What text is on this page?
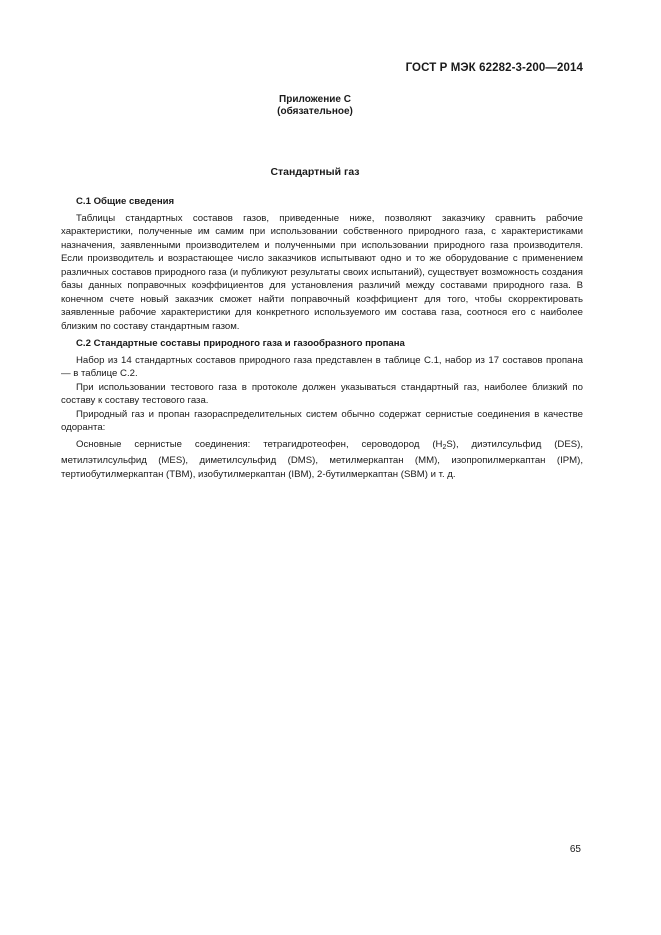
ГОСТ Р МЭК 62282-3-200—2014
Приложение С
(обязательное)
Стандартный газ
С.1 Общие сведения

Таблицы стандартных составов газов, приведенные ниже, позволяют заказчику сравнить рабочие характеристики, полученные им самим при использовании собственного природного газа, с характеристиками назначения, заявленными производителем и полученными при использовании природного газа производителя. Если производитель и возрастающее число заказчиков испытывают одно и то же оборудование с применением различных составов природного газа (и публикуют результаты своих испытаний), существует возможность создания базы данных поправочных коэффициентов для установления различий между составами природного газа. В конечном счете новый заказчик сможет найти поправочный коэффициент для того, чтобы скорректировать заявленные рабочие характеристики для конкретного используемого им состава газа, соотнося его с наиболее близким по составу стандартным газом.

С.2 Стандартные составы природного газа и газообразного пропана

Набор из 14 стандартных составов природного газа представлен в таблице С.1, набор из 17 составов пропана — в таблице С.2.

При использовании тестового газа в протоколе должен указываться стандартный газ, наиболее близкий по составу к составу тестового газа.

Природный газ и пропан газораспределительных систем обычно содержат сернистые соединения в качестве одоранта:

Основные сернистые соединения: тетрагидротеофен, сероводород $(H_2S)$, диэтилсульфид (DES), метилэтилсульфид (MES), диметилсульфид (DMS), метилмеркаптан (MM), изопропилмеркаптан (IPM), тертиобутилмеркаптан (TBM), изобутилмеркаптан (IBM), 2-бутилмеркаптан (SBM) и т. д.

65
